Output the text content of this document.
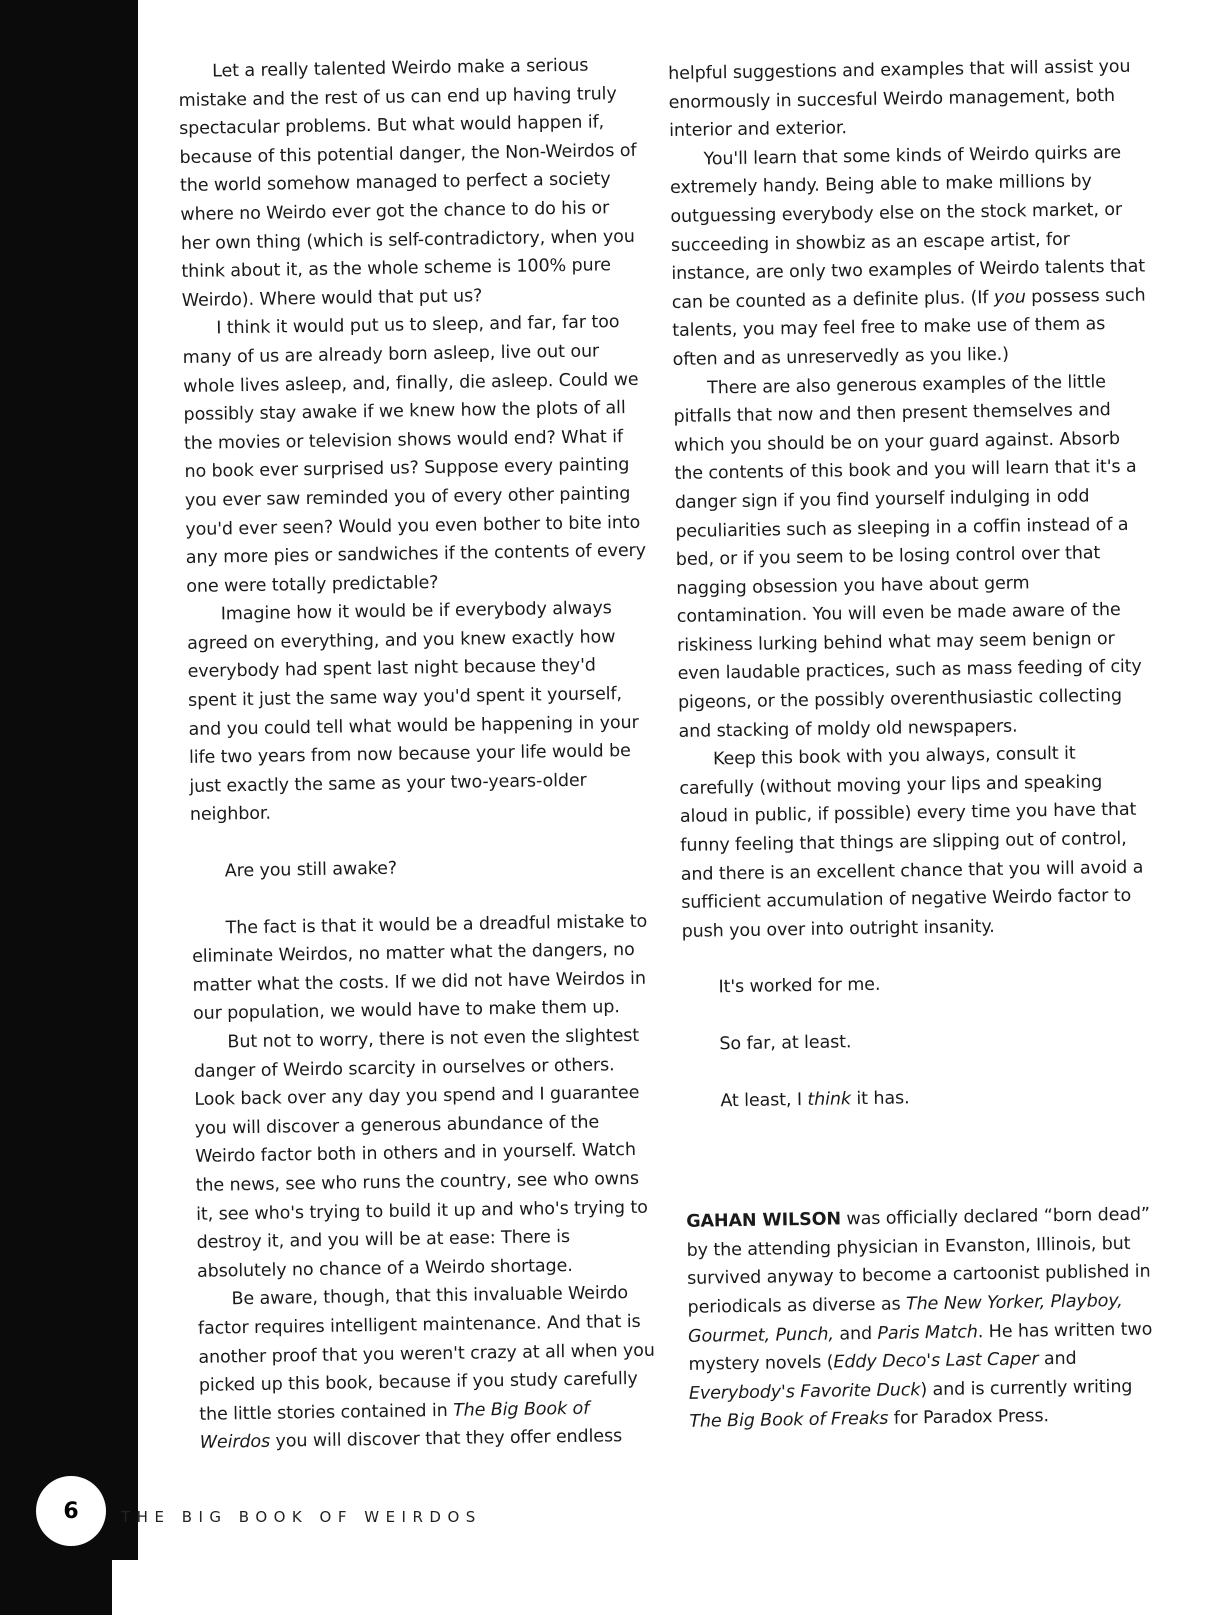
Let a really talented Weirdo make a serious mistake and the rest of us can end up having truly spectacular problems. But what would happen if, because of this potential danger, the Non-Weirdos of the world somehow managed to perfect a society where no Weirdo ever got the chance to do his or her own thing (which is self-contradictory, when you think about it, as the whole scheme is 100% pure Weirdo). Where would that put us?

I think it would put us to sleep, and far, far too many of us are already born asleep, live out our whole lives asleep, and, finally, die asleep. Could we possibly stay awake if we knew how the plots of all the movies or television shows would end? What if no book ever surprised us? Suppose every painting you ever saw reminded you of every other painting you'd ever seen? Would you even bother to bite into any more pies or sandwiches if the contents of every one were totally predictable?

Imagine how it would be if everybody always agreed on everything, and you knew exactly how everybody had spent last night because they'd spent it just the same way you'd spent it yourself, and you could tell what would be happening in your life two years from now because your life would be just exactly the same as your two-years-older neighbor.

Are you still awake?

The fact is that it would be a dreadful mistake to eliminate Weirdos, no matter what the dangers, no matter what the costs. If we did not have Weirdos in our population, we would have to make them up.

But not to worry, there is not even the slightest danger of Weirdo scarcity in ourselves or others. Look back over any day you spend and I guarantee you will discover a generous abundance of the Weirdo factor both in others and in yourself. Watch the news, see who runs the country, see who owns it, see who's trying to build it up and who's trying to destroy it, and you will be at ease: There is absolutely no chance of a Weirdo shortage.

Be aware, though, that this invaluable Weirdo factor requires intelligent maintenance. And that is another proof that you weren't crazy at all when you picked up this book, because if you study carefully the little stories contained in The Big Book of Weirdos you will discover that they offer endless

helpful suggestions and examples that will assist you enormously in succesful Weirdo management, both interior and exterior.

You'll learn that some kinds of Weirdo quirks are extremely handy. Being able to make millions by outguessing everybody else on the stock market, or succeeding in showbiz as an escape artist, for instance, are only two examples of Weirdo talents that can be counted as a definite plus. (If you possess such talents, you may feel free to make use of them as often and as unreservedly as you like.)

There are also generous examples of the little pitfalls that now and then present themselves and which you should be on your guard against. Absorb the contents of this book and you will learn that it's a danger sign if you find yourself indulging in odd peculiarities such as sleeping in a coffin instead of a bed, or if you seem to be losing control over that nagging obsession you have about germ contamination. You will even be made aware of the riskiness lurking behind what may seem benign or even laudable practices, such as mass feeding of city pigeons, or the possibly overenthusiastic collecting and stacking of moldy old newspapers.

Keep this book with you always, consult it carefully (without moving your lips and speaking aloud in public, if possible) every time you have that funny feeling that things are slipping out of control, and there is an excellent chance that you will avoid a sufficient accumulation of negative Weirdo factor to push you over into outright insanity.

It's worked for me.

So far, at least.

At least, I think it has.

GAHAN WILSON was officially declared “born dead” by the attending physician in Evanston, Illinois, but survived anyway to become a cartoonist published in periodicals as diverse as The New Yorker, Playboy, Gourmet, Punch, and Paris Match. He has written two mystery novels (Eddy Deco's Last Caper and Everybody's Favorite Duck) and is currently writing The Big Book of Freaks for Paradox Press.

6	THE BIG BOOK OF WEIRDOS
